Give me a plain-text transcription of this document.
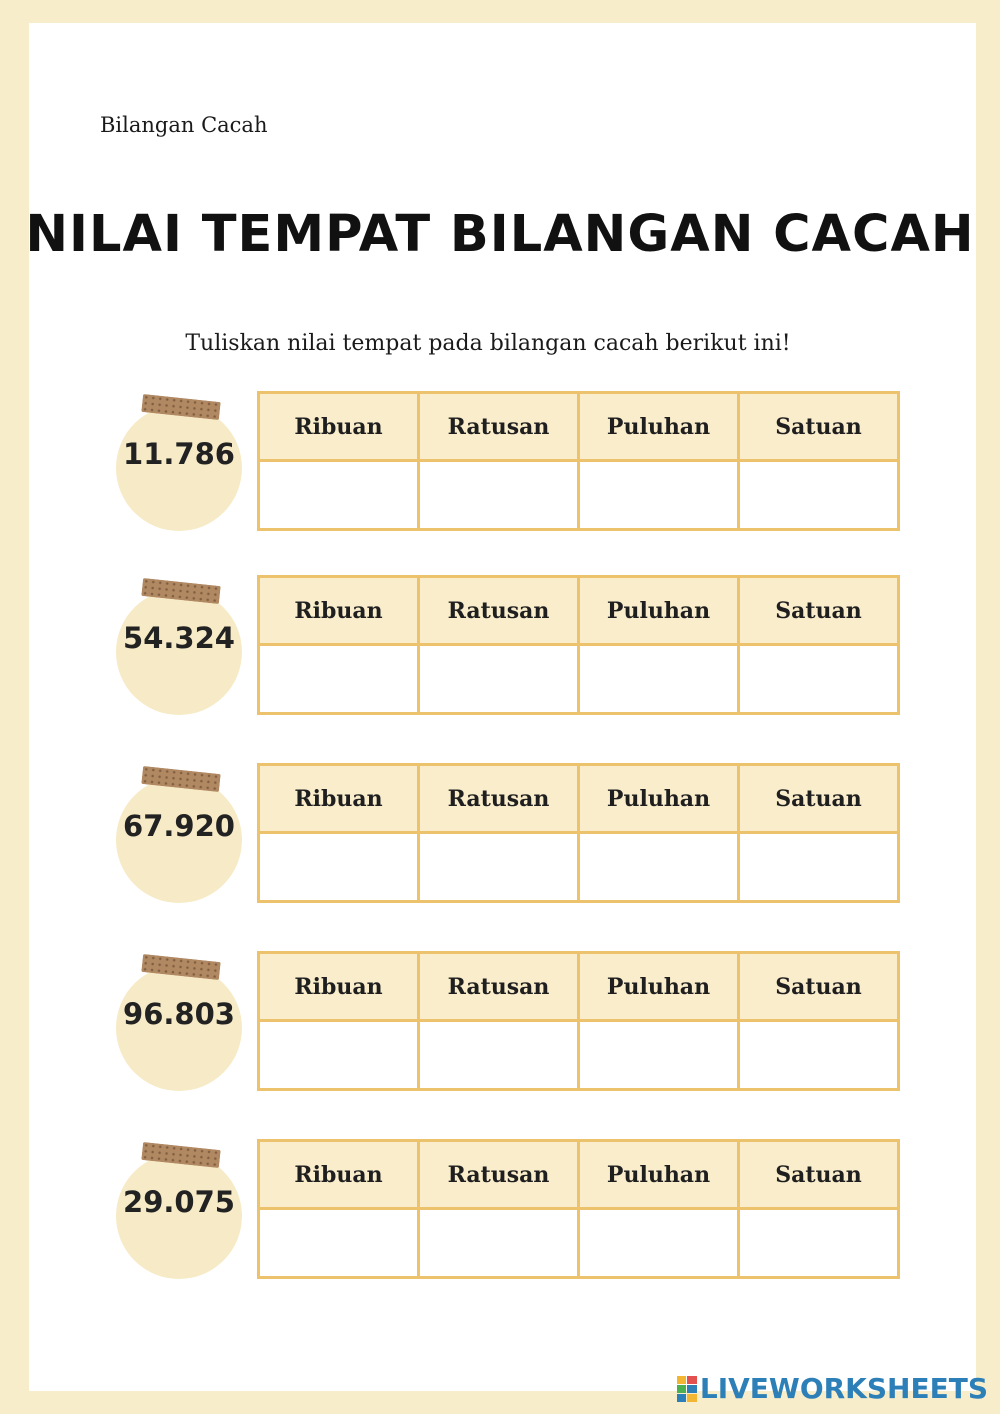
Bilangan Cacah
NILAI TEMPAT BILANGAN CACAH
Tuliskan nilai tempat pada bilangan cacah berikut ini!
11.786
Ribuan	Ratusan	Puluhan	Satuan

54.324
Ribuan	Ratusan	Puluhan	Satuan

67.920
Ribuan	Ratusan	Puluhan	Satuan

96.803
Ribuan	Ratusan	Puluhan	Satuan

29.075
Ribuan	Ratusan	Puluhan	Satuan

LIVEWORKSHEETS
